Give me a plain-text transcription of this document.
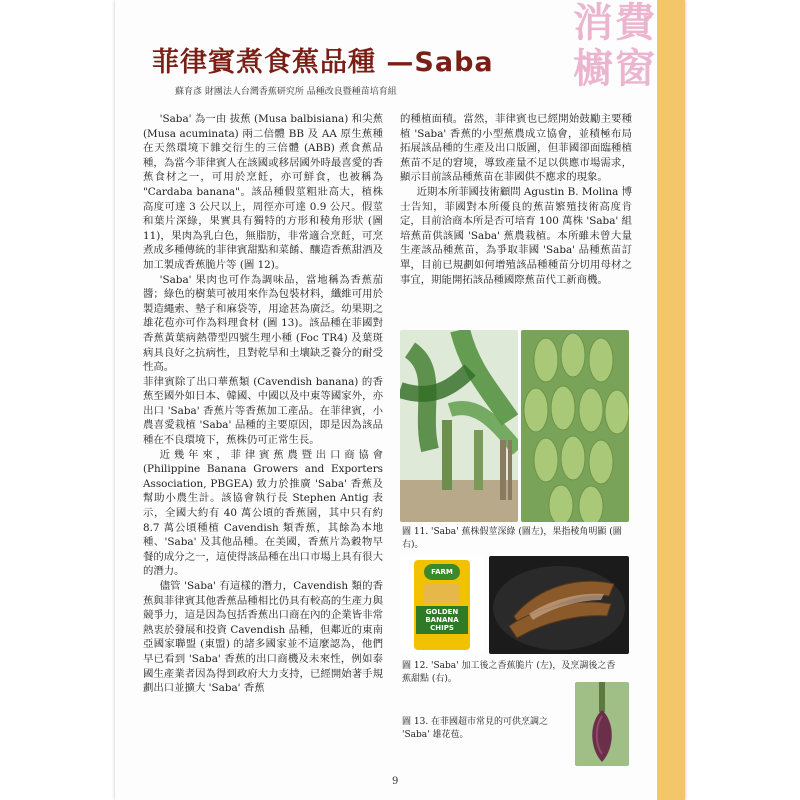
消費
櫥窗
菲律賓煮食蕉品種 —Saba
蘇育彥 財團法人台灣香蕉研究所 品種改良暨種苗培育組

'Saba' 為一由 拔蕉 (Musa balbisiana) 和尖蕉 (Musa acuminata) 兩二倍體 BB 及 AA 原生蕉種在天然環境下雜交衍生的三倍體 (ABB) 煮食蕉品種，為當今菲律賓人在該國或移居國外時最喜愛的香蕉食材之一，可用於烹飪，亦可鮮食，也被稱為 "Cardaba banana"。該品種假莖粗壯高大，植株高度可達 3 公尺以上，周徑亦可達 0.9 公尺。假莖和葉片深綠，果實具有獨特的方形和稜角形狀 (圖 11)，果肉為乳白色，無脂肪，非常適合烹飪，可烹煮成多種傳統的菲律賓甜點和菜餚、釀造香蕉甜酒及加工製成香蕉脆片等 (圖 12)。

'Saba' 果肉也可作為調味品，當地稱為香蕉茄醬；綠色的樹葉可被用來作為包裝材料，纖維可用於製造繩索、墊子和麻袋等，用途甚為廣泛。幼果期之雄花苞亦可作為料理食材 (圖 13)。該品種在菲國對香蕉黃葉病熱帶型四號生理小種 (Foc TR4) 及葉斑病具良好之抗病性，且對乾旱和土壤缺乏養分的耐受性高。

菲律賓除了出口華蕉類 (Cavendish banana) 的香蕉至國外如日本、韓國、中國以及中東等國家外，亦出口 'Saba' 香蕉片等香蕉加工產品。在菲律賓，小農喜愛栽植 'Saba' 品種的主要原因，即是因為該品種在不良環境下，蕉株仍可正常生長。

近幾年來，菲律賓蕉農暨出口商協會 (Philippine Banana Growers and Exporters Association, PBGEA) 致力於推廣 'Saba' 香蕉及幫助小農生計。該協會執行長 Stephen Antig 表示，全國大約有 40 萬公頃的香蕉園，其中只有約 8.7 萬公頃種植 Cavendish 類香蕉，其餘為本地種、'Saba' 及其他品種。在美國，香蕉片為穀物早餐的成分之一，這使得該品種在出口市場上具有很大的潛力。

儘管 'Saba' 有這樣的潛力，Cavendish 類的香蕉與菲律賓其他香蕉品種相比仍具有較高的生產力與競爭力，這是因為包括香蕉出口商在內的企業皆非常熱衷於發展和投資 Cavendish 品種，但鄰近的東南亞國家聯盟 (東盟) 的諸多國家並不這麼認為，他們早已看到 'Saba' 香蕉的出口商機及未來性，例如泰國生產業者因為得到政府大力支持，已經開始著手規劃出口並擴大 'Saba' 香蕉

的種植面積。當然，菲律賓也已經開始鼓勵主要種植 'Saba' 香蕉的小型蕉農成立協會，並積極布局拓展該品種的生產及出口版圖，但菲國卻面臨種植蕉苗不足的窘境，導致產量不足以供應市場需求，顯示目前該品種蕉苗在菲國供不應求的現象。

近期本所菲國技術顧問 Agustin B. Molina 博士告知，菲國對本所優良的蕉苗繁殖技術高度肯定，目前洽商本所是否可培育 100 萬株 'Saba' 組培蕉苗供該國 'Saba' 蕉農栽植。本所雖未曾大量生產該品種蕉苗，為爭取菲國 'Saba' 品種蕉苗訂單，目前已規劃如何增殖該品種種苗分切用母材之事宜，期能開拓該品種國際蕉苗代工新商機。

圖 11. 'Saba' 蕉株假莖深綠 (圖左)，果指稜角明顯 (圖右)。
FARM
GOLDEN
BANANA
CHIPS
圖 12. 'Saba' 加工後之香蕉脆片 (左)，及烹調後之香蕉甜點 (右)。
圖 13. 在菲國超市常見的可供烹調之 'Saba' 雄花苞。
9
